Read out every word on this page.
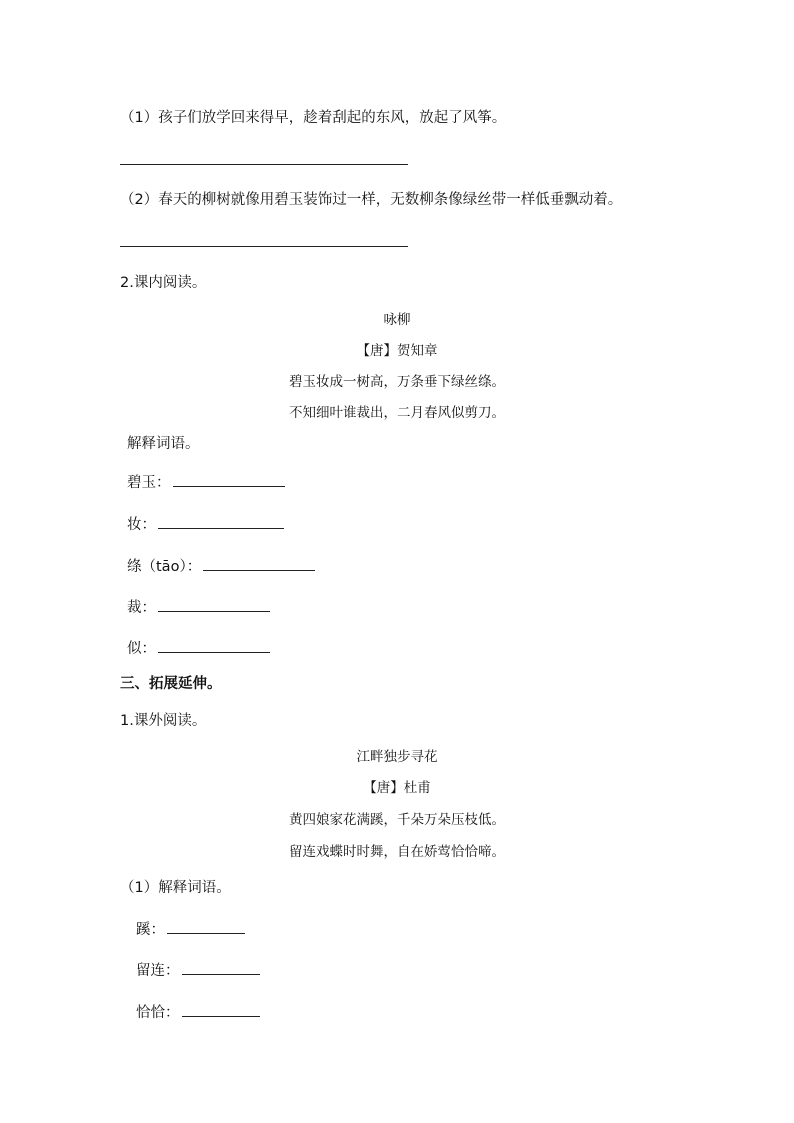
（1）孩子们放学回来得早，趁着刮起的东风，放起了风筝。
（2）春天的柳树就像用碧玉装饰过一样，无数柳条像绿丝带一样低垂飘动着。
2.课内阅读。
咏柳
【唐】贺知章
碧玉妆成一树高，万条垂下绿丝绦。
不知细叶谁裁出，二月春风似剪刀。
解释词语。
碧玉：
妆：
绦（tāo）：
裁：
似：
三、拓展延伸。
1.课外阅读。
江畔独步寻花
【唐】杜甫
黄四娘家花满蹊，千朵万朵压枝低。
留连戏蝶时时舞，自在娇莺恰恰啼。
（1）解释词语。
蹊：
留连：
恰恰：
